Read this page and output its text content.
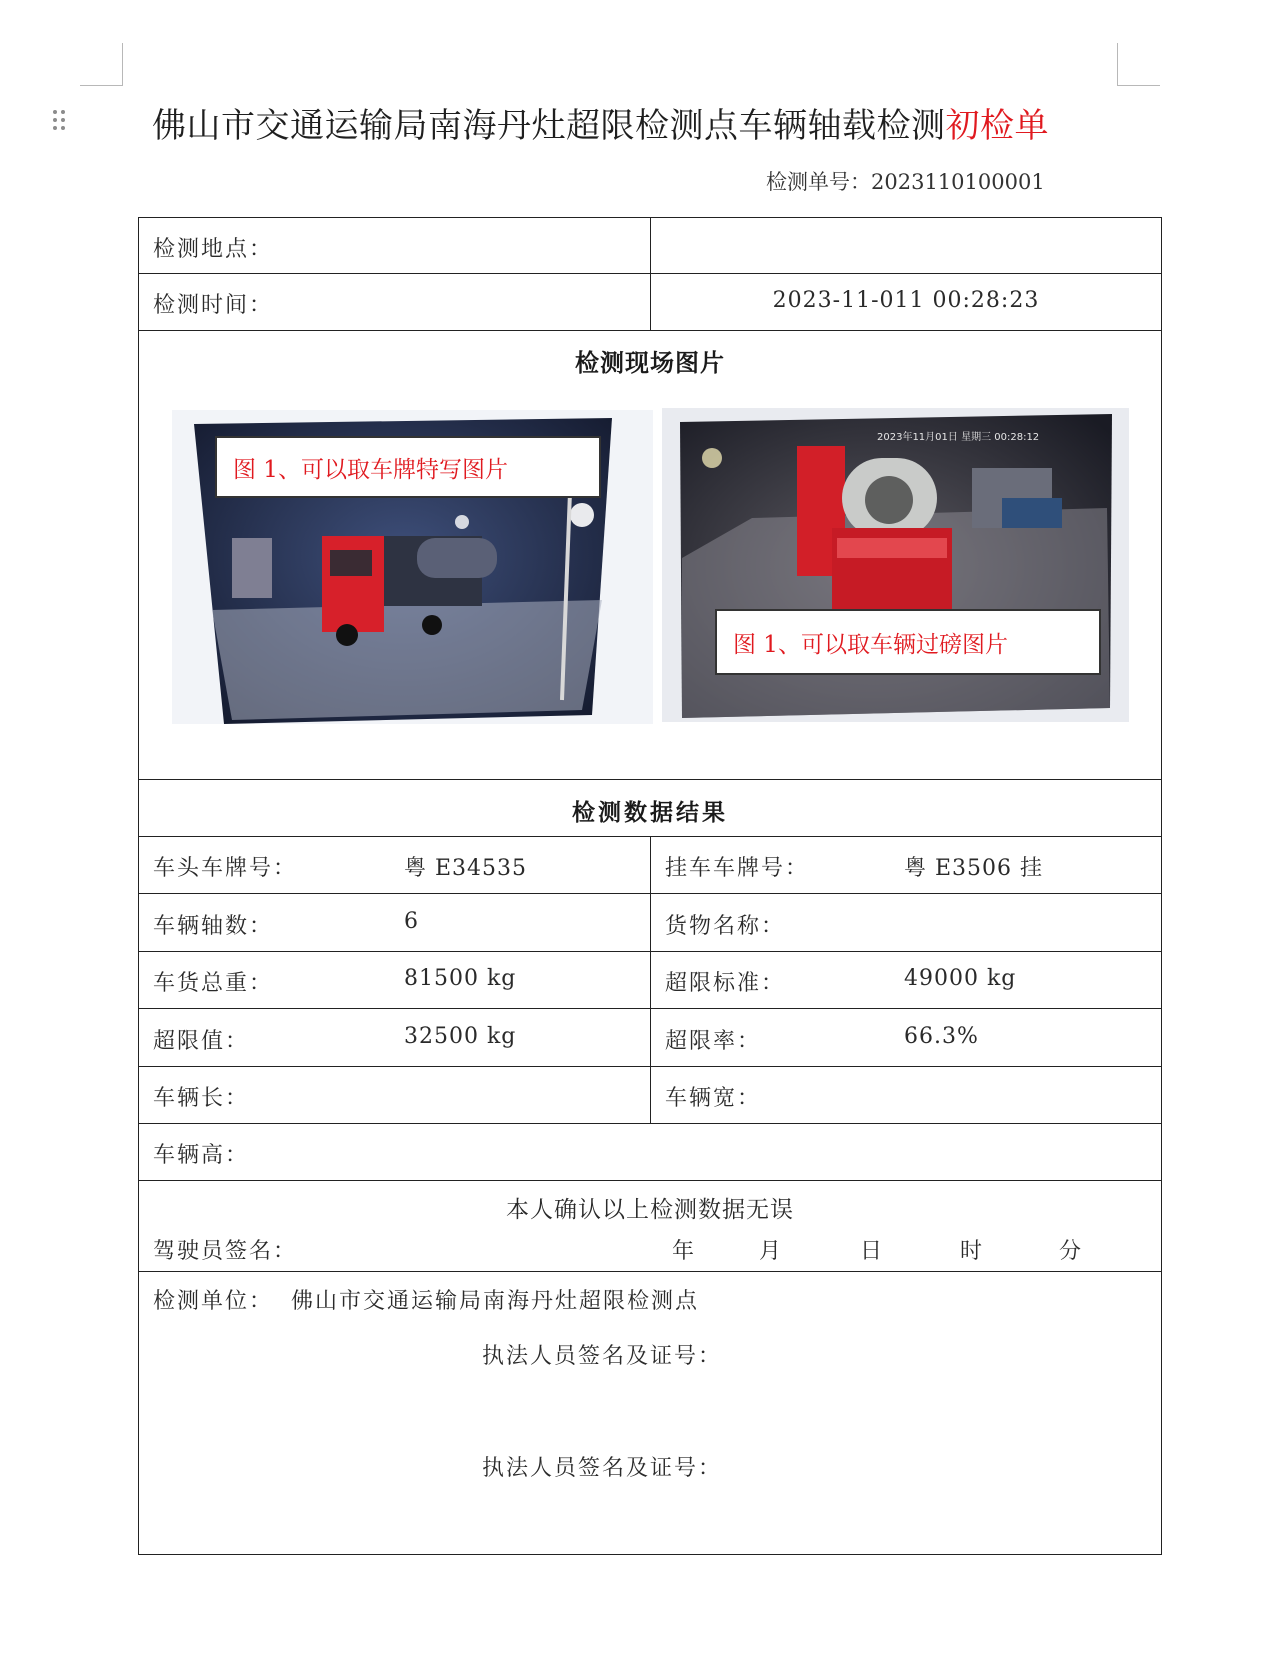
佛山市交通运输局南海丹灶超限检测点车辆轴载检测初检单
检测单号：2023110100001
检测地点：
检测时间：	2023-11-011 00:28:23
检测现场图片
2023年11月01日 星期三 00:28:12
图 1、可以取车牌特写图片
图 1、可以取车辆过磅图片
检测数据结果
车头车牌号：	粤 E34535	挂车车牌号：	粤 E3506 挂
车辆轴数：	6	货物名称：
车货总重：	81500 kg	超限标准：	49000 kg
超限值：	32500 kg	超限率：	66.3%
车辆长：	车辆宽：
车辆高：
本人确认以上检测数据无误
驾驶员签名：	年	月	日	时	分
检测单位： 佛山市交通运输局南海丹灶超限检测点
执法人员签名及证号：
执法人员签名及证号：
